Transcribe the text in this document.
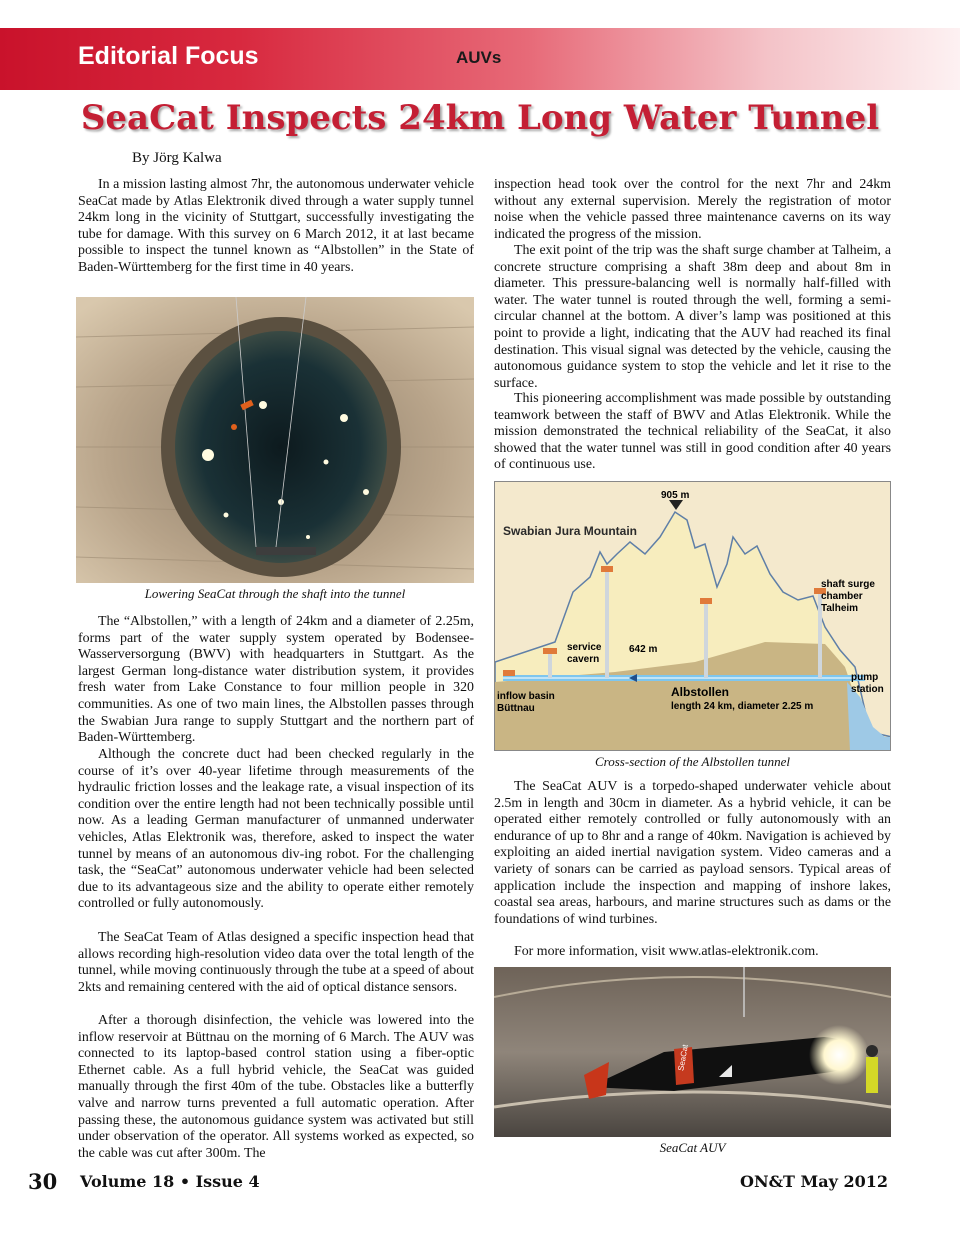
Editorial Focus	AUVs
SeaCat Inspects 24km Long Water Tunnel
By Jörg Kalwa

In a mission lasting almost 7hr, the autonomous underwater vehicle SeaCat made by Atlas Elektronik dived through a water supply tunnel 24km long in the vicinity of Stuttgart, successfully investigating the tube for damage. With this survey on 6 March 2012, it at last became possible to inspect the tunnel known as “Albstollen” in the State of Baden-Württemberg for the first time in 40 years.

Lowering SeaCat through the shaft into the tunnel

The “Albstollen,” with a length of 24km and a diameter of 2.25m, forms part of the water supply system operated by Bodensee-Wasserversorgung (BWV) with headquarters in Stuttgart. As the largest German long-distance water distribution system, it provides fresh water from Lake Constance to four million people in 320 communities. As one of two main lines, the Albstollen passes through the Swabian Jura range to supply Stuttgart and the northern part of Baden-Württemberg.

Although the concrete duct had been checked regularly in the course of it’s over 40-year lifetime through measurements of the hydraulic friction losses and the leakage rate, a visual inspection of its condition over the entire length had not been technically possible until now. As a leading German manufacturer of unmanned underwater vehicles, Atlas Elektronik was, therefore, asked to inspect the water tunnel by means of an autonomous div-ing robot. For the challenging task, the “SeaCat” autonomous underwater vehicle had been selected due to its advantageous size and the ability to operate either remotely controlled or fully autonomously.

The SeaCat Team of Atlas designed a specific inspection head that allows recording high-resolution video data over the total length of the tunnel, while moving continuously through the tube at a speed of about 2kts and remaining centered with the aid of optical distance sensors.

After a thorough disinfection, the vehicle was lowered into the inflow reservoir at Büttnau on the morning of 6 March. The AUV was connected to its laptop-based control station using a fiber-optic Ethernet cable. As a full hybrid vehicle, the SeaCat was guided manually through the first 40m of the tube. Obstacles like a butterfly valve and narrow turns prevented a full automatic operation. After passing these, the autonomous guidance system was activated but still under observation of the operator. All systems worked as expected, so the cable was cut after 300m. The

inspection head took over the control for the next 7hr and 24km without any external supervision. Merely the registration of motor noise when the vehicle passed three maintenance caverns on its way indicated the progress of the mission.

The exit point of the trip was the shaft surge chamber at Talheim, a concrete structure comprising a shaft 38m deep and about 8m in diameter. This pressure-balancing well is normally half-filled with water. The water tunnel is routed through the well, forming a semi-circular channel at the bottom. A diver’s lamp was positioned at this point to provide a light, indicating that the AUV had reached its final destination. This visual signal was detected by the vehicle, causing the autonomous guidance system to stop the vehicle and let it rise to the surface.

This pioneering accomplishment was made possible by outstanding teamwork between the staff of BWV and Atlas Elektronik. While the mission demonstrated the technical reliability of the SeaCat, it also showed that the water tunnel was still in good condition after 40 years of continuous use.

905 m
Swabian Jura Mountain
service
cavern
642 m
shaft surge
chamber
Talheim
pump
station
inflow basin
Büttnau
Albstollen
length 24 km, diameter 2.25 m
Cross-section of the Albstollen tunnel

The SeaCat AUV is a torpedo-shaped underwater vehicle about 2.5m in length and 30cm in diameter. As a hybrid vehicle, it can be operated either remotely controlled or fully autonomously with an endurance of up to 8hr and a range of 40km. Navigation is achieved by exploiting an aided inertial navigation system. Video cameras and a variety of sonars can be carried as payload sensors. Typical areas of application include the inspection and mapping of inshore lakes, coastal sea areas, harbours, and marine structures such as dams or the foundations of wind turbines.

For more information, visit www.atlas-elektronik.com.

SeaCat
SeaCat AUV
30 Volume 18 • Issue 4	ON&T May 2012
